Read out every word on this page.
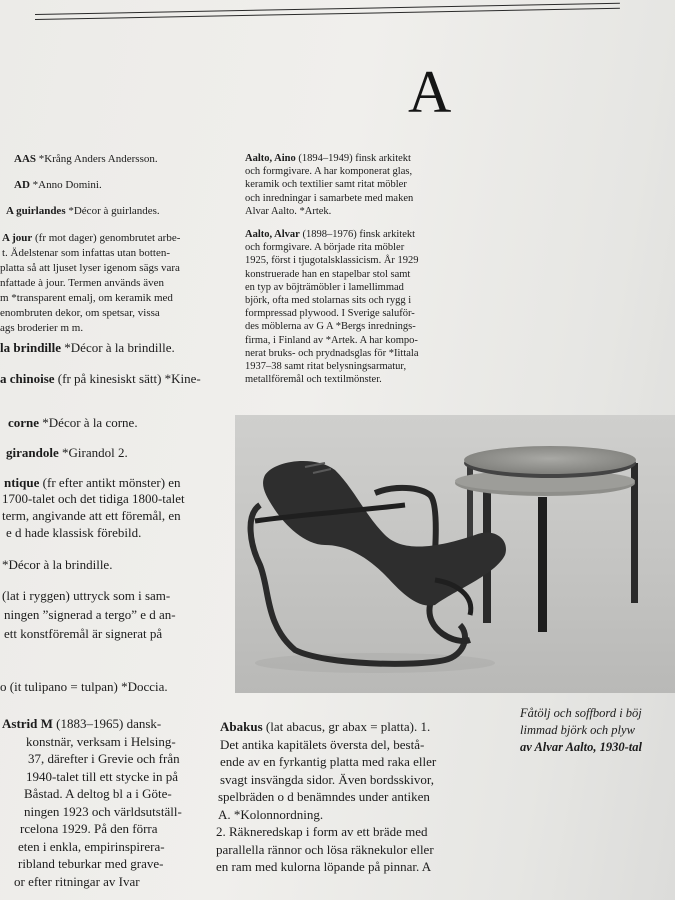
A
AAS *Krång Anders Andersson.
AD *Anno Domini.
A guirlandes *Décor à guirlandes.
A jour (fr mot dager) genombrutet arbe-
t. Ädelstenar som infattas utan botten-
platta så att ljuset lyser igenom sägs vara
nfattade à jour. Termen används även
m *transparent emalj, om keramik med
enombruten dekor, om spetsar, vissa
ags broderier m m.
la brindille *Décor à la brindille.
a chinoise (fr på kinesiskt sätt) *Kine-
corne *Décor à la corne.
girandole *Girandol 2.
ntique (fr efter antikt mönster) en
1700-talet och det tidiga 1800-talet
term, angivande att ett föremål, en
e d hade klassisk förebild.
*Décor à la brindille.
(lat i ryggen) uttryck som i sam-
ningen ”signerad a tergo” e d an-
ett konstföremål är signerat på
o (it tulipano = tulpan) *Doccia.

Aalto, Aino (1894–1949) finsk arkitekt

och formgivare. A har komponerat glas,

keramik och textilier samt ritat möbler

och inredningar i samarbete med maken

Alvar Aalto. *Artek.

Aalto, Alvar (1898–1976) finsk arkitekt

och formgivare. A började rita möbler

1925, först i tjugotalsklassicism. År 1929

konstruerade han en stapelbar stol samt

en typ av böjträmöbler i lamellimmad

björk, ofta med stolarnas sits och rygg i

formpressad plywood. I Sverige saluför-

des möblerna av G A *Bergs inrednings-

firma, i Finland av *Artek. A har kompo-

nerat bruks- och prydnadsglas för *Iittala

1937–38 samt ritat belysningsarmatur,

metallföremål och textilmönster.

Fåtölj och soffbord i böj

limmad björk och plyw

av Alvar Aalto, 1930-tal

Astrid M (1883–1965) dansk-

konstnär, verksam i Helsing-

37, därefter i Grevie och från

1940-talet till ett stycke in på

Båstad. A deltog bl a i Göte-

ningen 1923 och världsutställ-

rcelona 1929. På den förra

eten i enkla, empirinspirera-

ribland teburkar med grave-

or efter ritningar av Ivar

Abakus (lat abacus, gr abax = platta). 1.

Det antika kapitälets översta del, bestå-

ende av en fyrkantig platta med raka eller

svagt insvängda sidor. Även bordsskivor,

spelbräden o d benämndes under antiken

A. *Kolonnordning.

2. Räkneredskap i form av ett bräde med

parallella rännor och lösa räknekulor eller

en ram med kulorna löpande på pinnar. A
